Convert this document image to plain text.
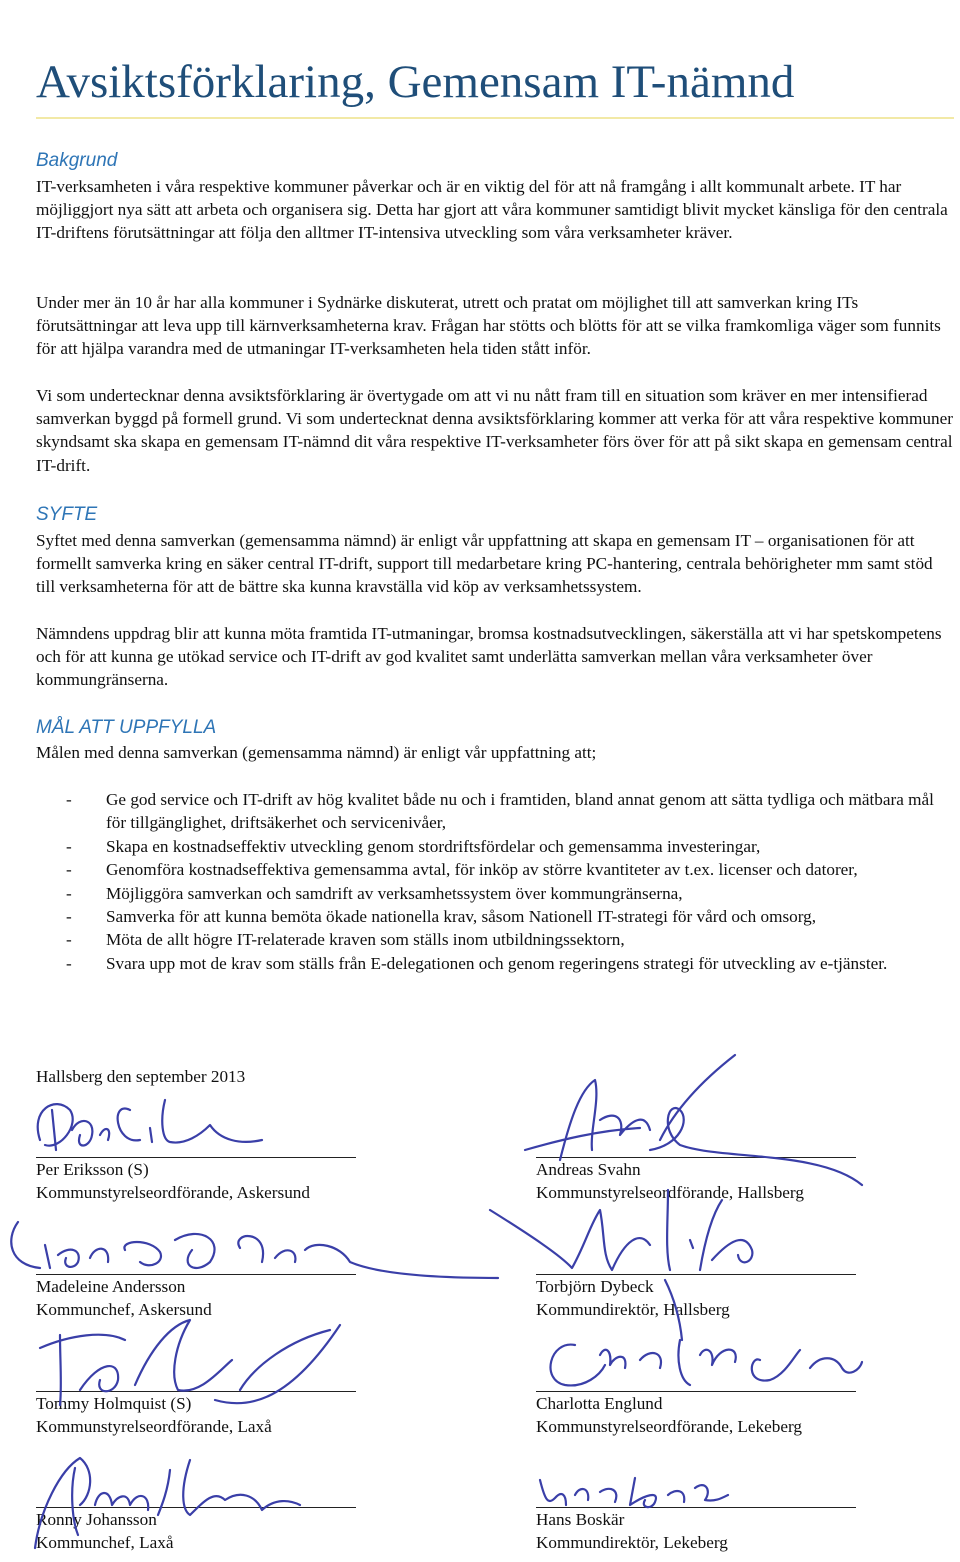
Avsiktsförklaring, Gemensam IT-nämnd
Bakgrund

IT-verksamheten i våra respektive kommuner påverkar och är en viktig del för att nå framgång i allt kommunalt arbete. IT har möjliggjort nya sätt att arbeta och organisera sig. Detta har gjort att våra kommuner samtidigt blivit mycket känsliga för den centrala IT-driftens förutsättningar att följa den alltmer IT-intensiva utveckling som våra verksamheter kräver.

Under mer än 10 år har alla kommuner i Sydnärke diskuterat, utrett och pratat om möjlighet till att samverkan kring ITs förutsättningar att leva upp till kärnverksamheterna krav. Frågan har stötts och blötts för att se vilka framkomliga väger som funnits för att hjälpa varandra med de utmaningar IT-verksamheten hela tiden stått inför.

Vi som undertecknar denna avsiktsförklaring är övertygade om att vi nu nått fram till en situation som kräver en mer intensifierad samverkan byggd på formell grund. Vi som undertecknat denna avsiktsförklaring kommer att verka för att våra respektive kommuner skyndsamt ska skapa en gemensam IT-nämnd dit våra respektive IT-verksamheter förs över för att på sikt skapa en gemensam central IT-drift.

SYFTE

Syftet med denna samverkan (gemensamma nämnd) är enligt vår uppfattning att skapa en gemensam IT – organisationen för att formellt samverka kring en säker central IT-drift, support till medarbetare kring PC-hantering, centrala behörigheter mm samt stöd till verksamheterna för att de bättre ska kunna kravställa vid köp av verksamhetssystem.

Nämndens uppdrag blir att kunna möta framtida IT-utmaningar, bromsa kostnadsutvecklingen, säkerställa att vi har spetskompetens och för att kunna ge utökad service och IT-drift av god kvalitet samt underlätta samverkan mellan våra verksamheter över kommungränserna.

MÅL ATT UPPFYLLA

Målen med denna samverkan (gemensamma nämnd) är enligt vår uppfattning att;

- Ge god service och IT-drift av hög kvalitet både nu och i framtiden, bland annat genom att sätta tydliga och mätbara mål för tillgänglighet, driftsäkerhet och servicenivåer,
- Skapa en kostnadseffektiv utveckling genom stordriftsfördelar och gemensamma investeringar,
- Genomföra kostnadseffektiva gemensamma avtal, för inköp av större kvantiteter av t.ex. licenser och datorer,
- Möjliggöra samverkan och samdrift av verksamhetssystem över kommungränserna,
- Samverka för att kunna bemöta ökade nationella krav, såsom Nationell IT-strategi för vård och omsorg,
- Möta de allt högre IT-relaterade kraven som ställs inom utbildningssektorn,
- Svara upp mot de krav som ställs från E-delegationen och genom regeringens strategi för utveckling av e-tjänster.
Hallsberg den september 2013
Per Eriksson (S)
Kommunstyrelseordförande, Askersund
Andreas Svahn
Kommunstyrelseordförande, Hallsberg
Madeleine Andersson
Kommunchef, Askersund
Torbjörn Dybeck
Kommundirektör, Hallsberg
Tommy Holmquist (S)
Kommunstyrelseordförande, Laxå
Charlotta Englund
Kommunstyrelseordförande, Lekeberg
Ronny Johansson
Kommunchef, Laxå
Hans Boskär
Kommundirektör, Lekeberg
